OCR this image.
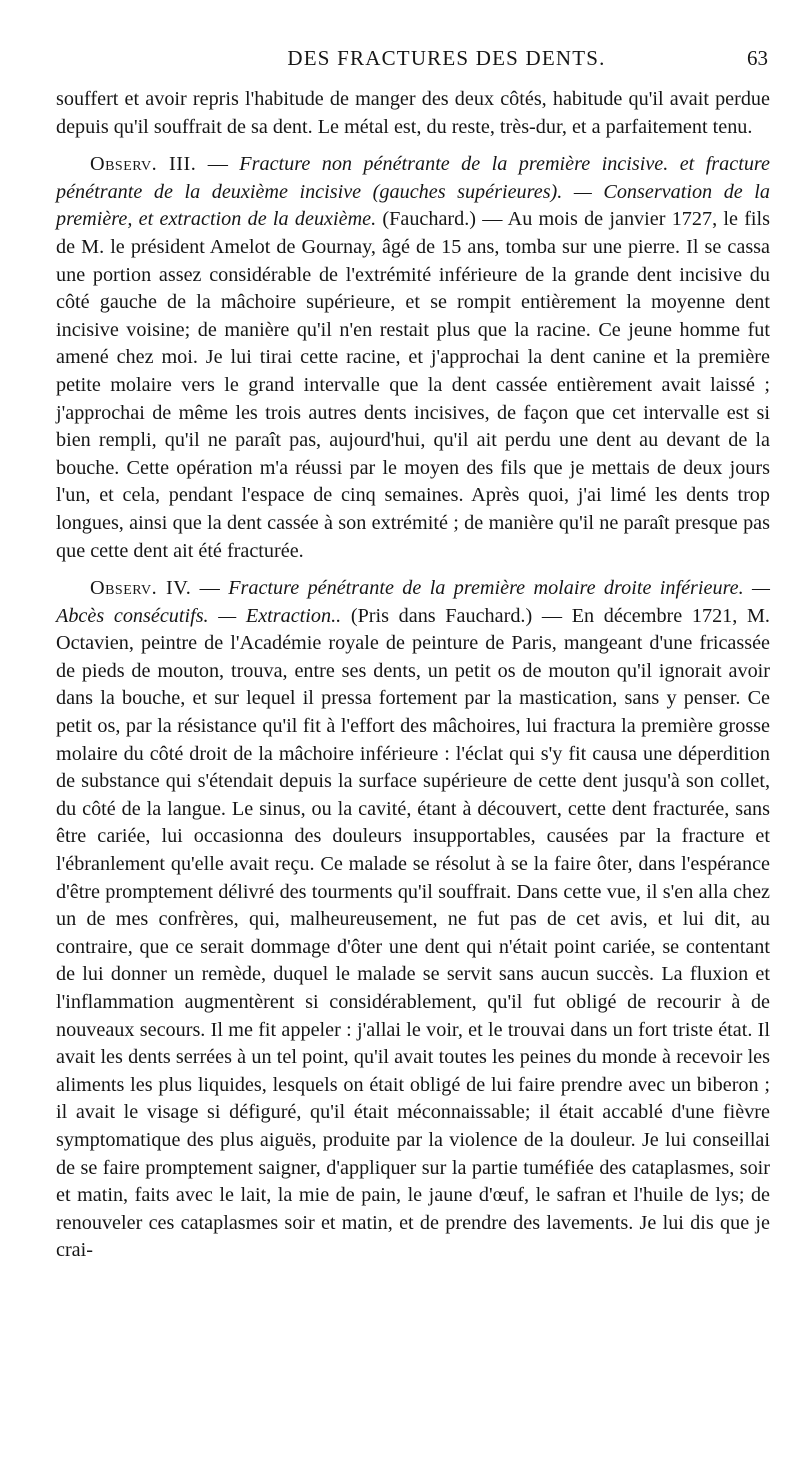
DES FRACTURES DES DENTS.	63

souffert et avoir repris l'habitude de manger des deux côtés, habitude qu'il avait perdue depuis qu'il souffrait de sa dent. Le métal est, du reste, très-dur, et a parfaitement tenu.

Observ. III. — Fracture non pénétrante de la première incisive. et fracture pénétrante de la deuxième incisive (gauches supérieures). — Conservation de la première, et extraction de la deuxième. (Fauchard.) — Au mois de janvier 1727, le fils de M. le président Amelot de Gournay, âgé de 15 ans, tomba sur une pierre. Il se cassa une portion assez considérable de l'extrémité inférieure de la grande dent incisive du côté gauche de la mâchoire supérieure, et se rompit entièrement la moyenne dent incisive voisine; de manière qu'il n'en restait plus que la racine. Ce jeune homme fut amené chez moi. Je lui tirai cette racine, et j'approchai la dent canine et la première petite molaire vers le grand intervalle que la dent cassée entièrement avait laissé ; j'approchai de même les trois autres dents incisives, de façon que cet intervalle est si bien rempli, qu'il ne paraît pas, aujourd'hui, qu'il ait perdu une dent au devant de la bouche. Cette opération m'a réussi par le moyen des fils que je mettais de deux jours l'un, et cela, pendant l'espace de cinq semaines. Après quoi, j'ai limé les dents trop longues, ainsi que la dent cassée à son extrémité ; de manière qu'il ne paraît presque pas que cette dent ait été fracturée.

Observ. IV. — Fracture pénétrante de la première molaire droite inférieure. — Abcès consécutifs. — Extraction.. (Pris dans Fauchard.) — En décembre 1721, M. Octavien, peintre de l'Académie royale de peinture de Paris, mangeant d'une fricassée de pieds de mouton, trouva, entre ses dents, un petit os de mouton qu'il ignorait avoir dans la bouche, et sur lequel il pressa fortement par la mastication, sans y penser. Ce petit os, par la résistance qu'il fit à l'effort des mâchoires, lui fractura la première grosse molaire du côté droit de la mâchoire inférieure : l'éclat qui s'y fit causa une déperdition de substance qui s'étendait depuis la surface supérieure de cette dent jusqu'à son collet, du côté de la langue. Le sinus, ou la cavité, étant à découvert, cette dent fracturée, sans être cariée, lui occasionna des douleurs insupportables, causées par la fracture et l'ébranlement qu'elle avait reçu. Ce malade se résolut à se la faire ôter, dans l'espérance d'être promptement délivré des tourments qu'il souffrait. Dans cette vue, il s'en alla chez un de mes confrères, qui, malheureusement, ne fut pas de cet avis, et lui dit, au contraire, que ce serait dommage d'ôter une dent qui n'était point cariée, se contentant de lui donner un remède, duquel le malade se servit sans aucun succès. La fluxion et l'inflammation augmentèrent si considérablement, qu'il fut obligé de recourir à de nouveaux secours. Il me fit appeler : j'allai le voir, et le trouvai dans un fort triste état. Il avait les dents serrées à un tel point, qu'il avait toutes les peines du monde à recevoir les aliments les plus liquides, lesquels on était obligé de lui faire prendre avec un biberon ; il avait le visage si défiguré, qu'il était méconnaissable; il était accablé d'une fièvre symptomatique des plus aiguës, produite par la violence de la douleur. Je lui conseillai de se faire promptement saigner, d'appliquer sur la partie tuméfiée des cataplasmes, soir et matin, faits avec le lait, la mie de pain, le jaune d'œuf, le safran et l'huile de lys; de renouveler ces cataplasmes soir et matin, et de prendre des lavements. Je lui dis que je crai-
